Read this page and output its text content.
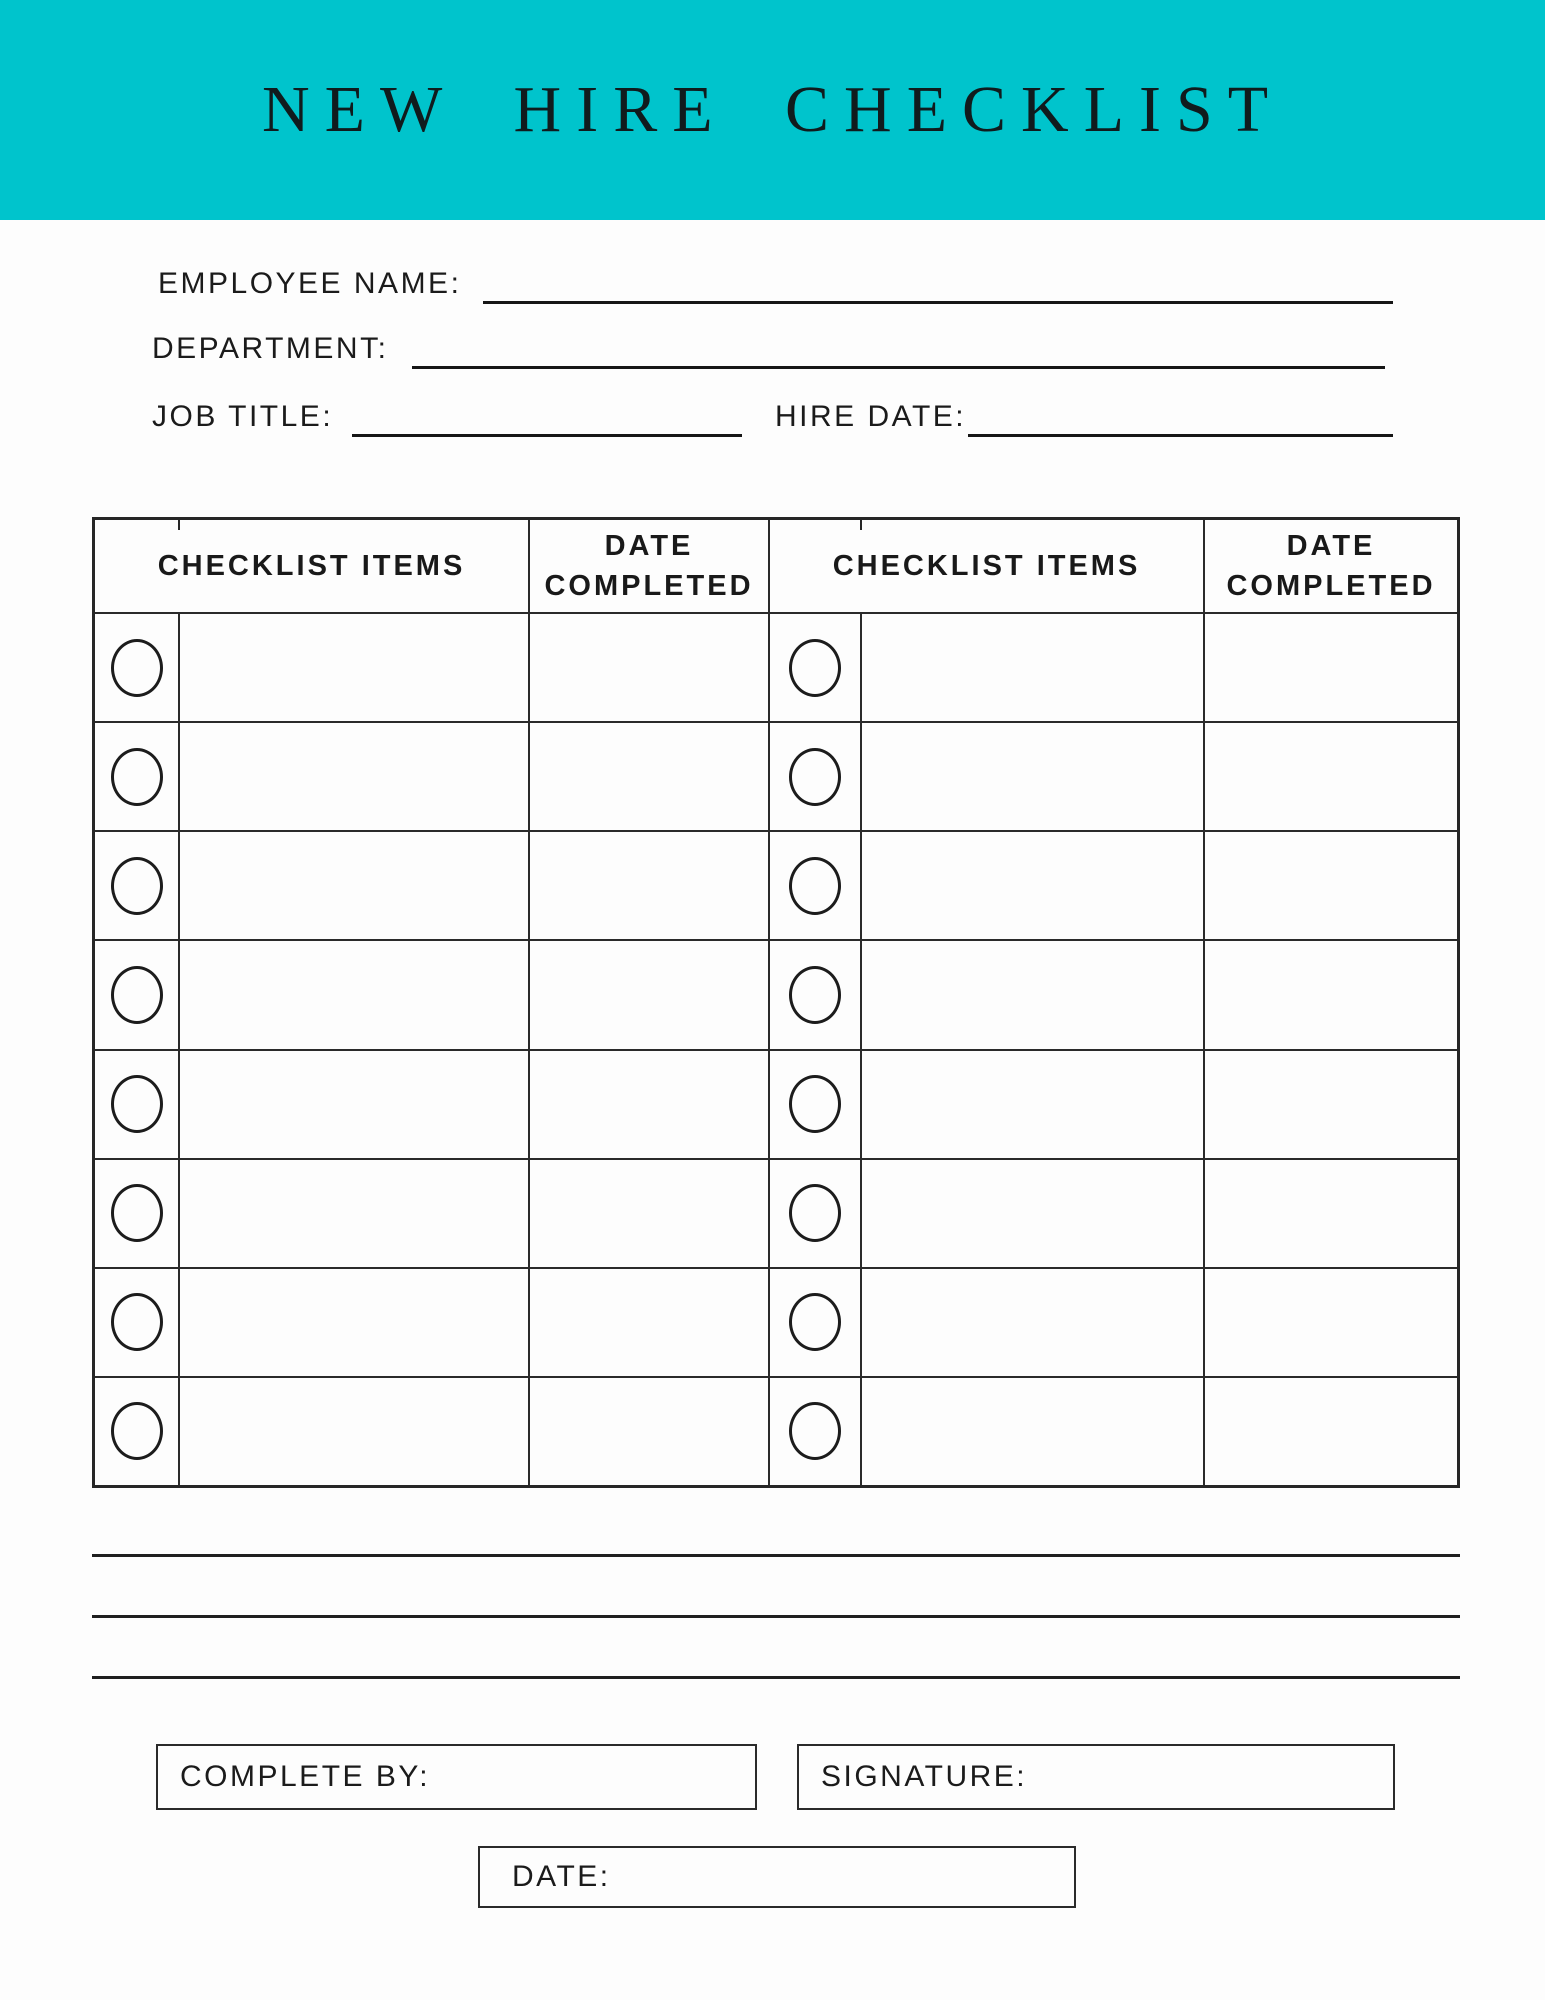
NEW HIRE CHECKLIST
EMPLOYEE NAME:
DEPARTMENT:
JOB TITLE:	HIRE DATE:
CHECKLIST ITEMS
DATE COMPLETED
CHECKLIST ITEMS
DATE COMPLETED
COMPLETE BY:	SIGNATURE:
DATE:
